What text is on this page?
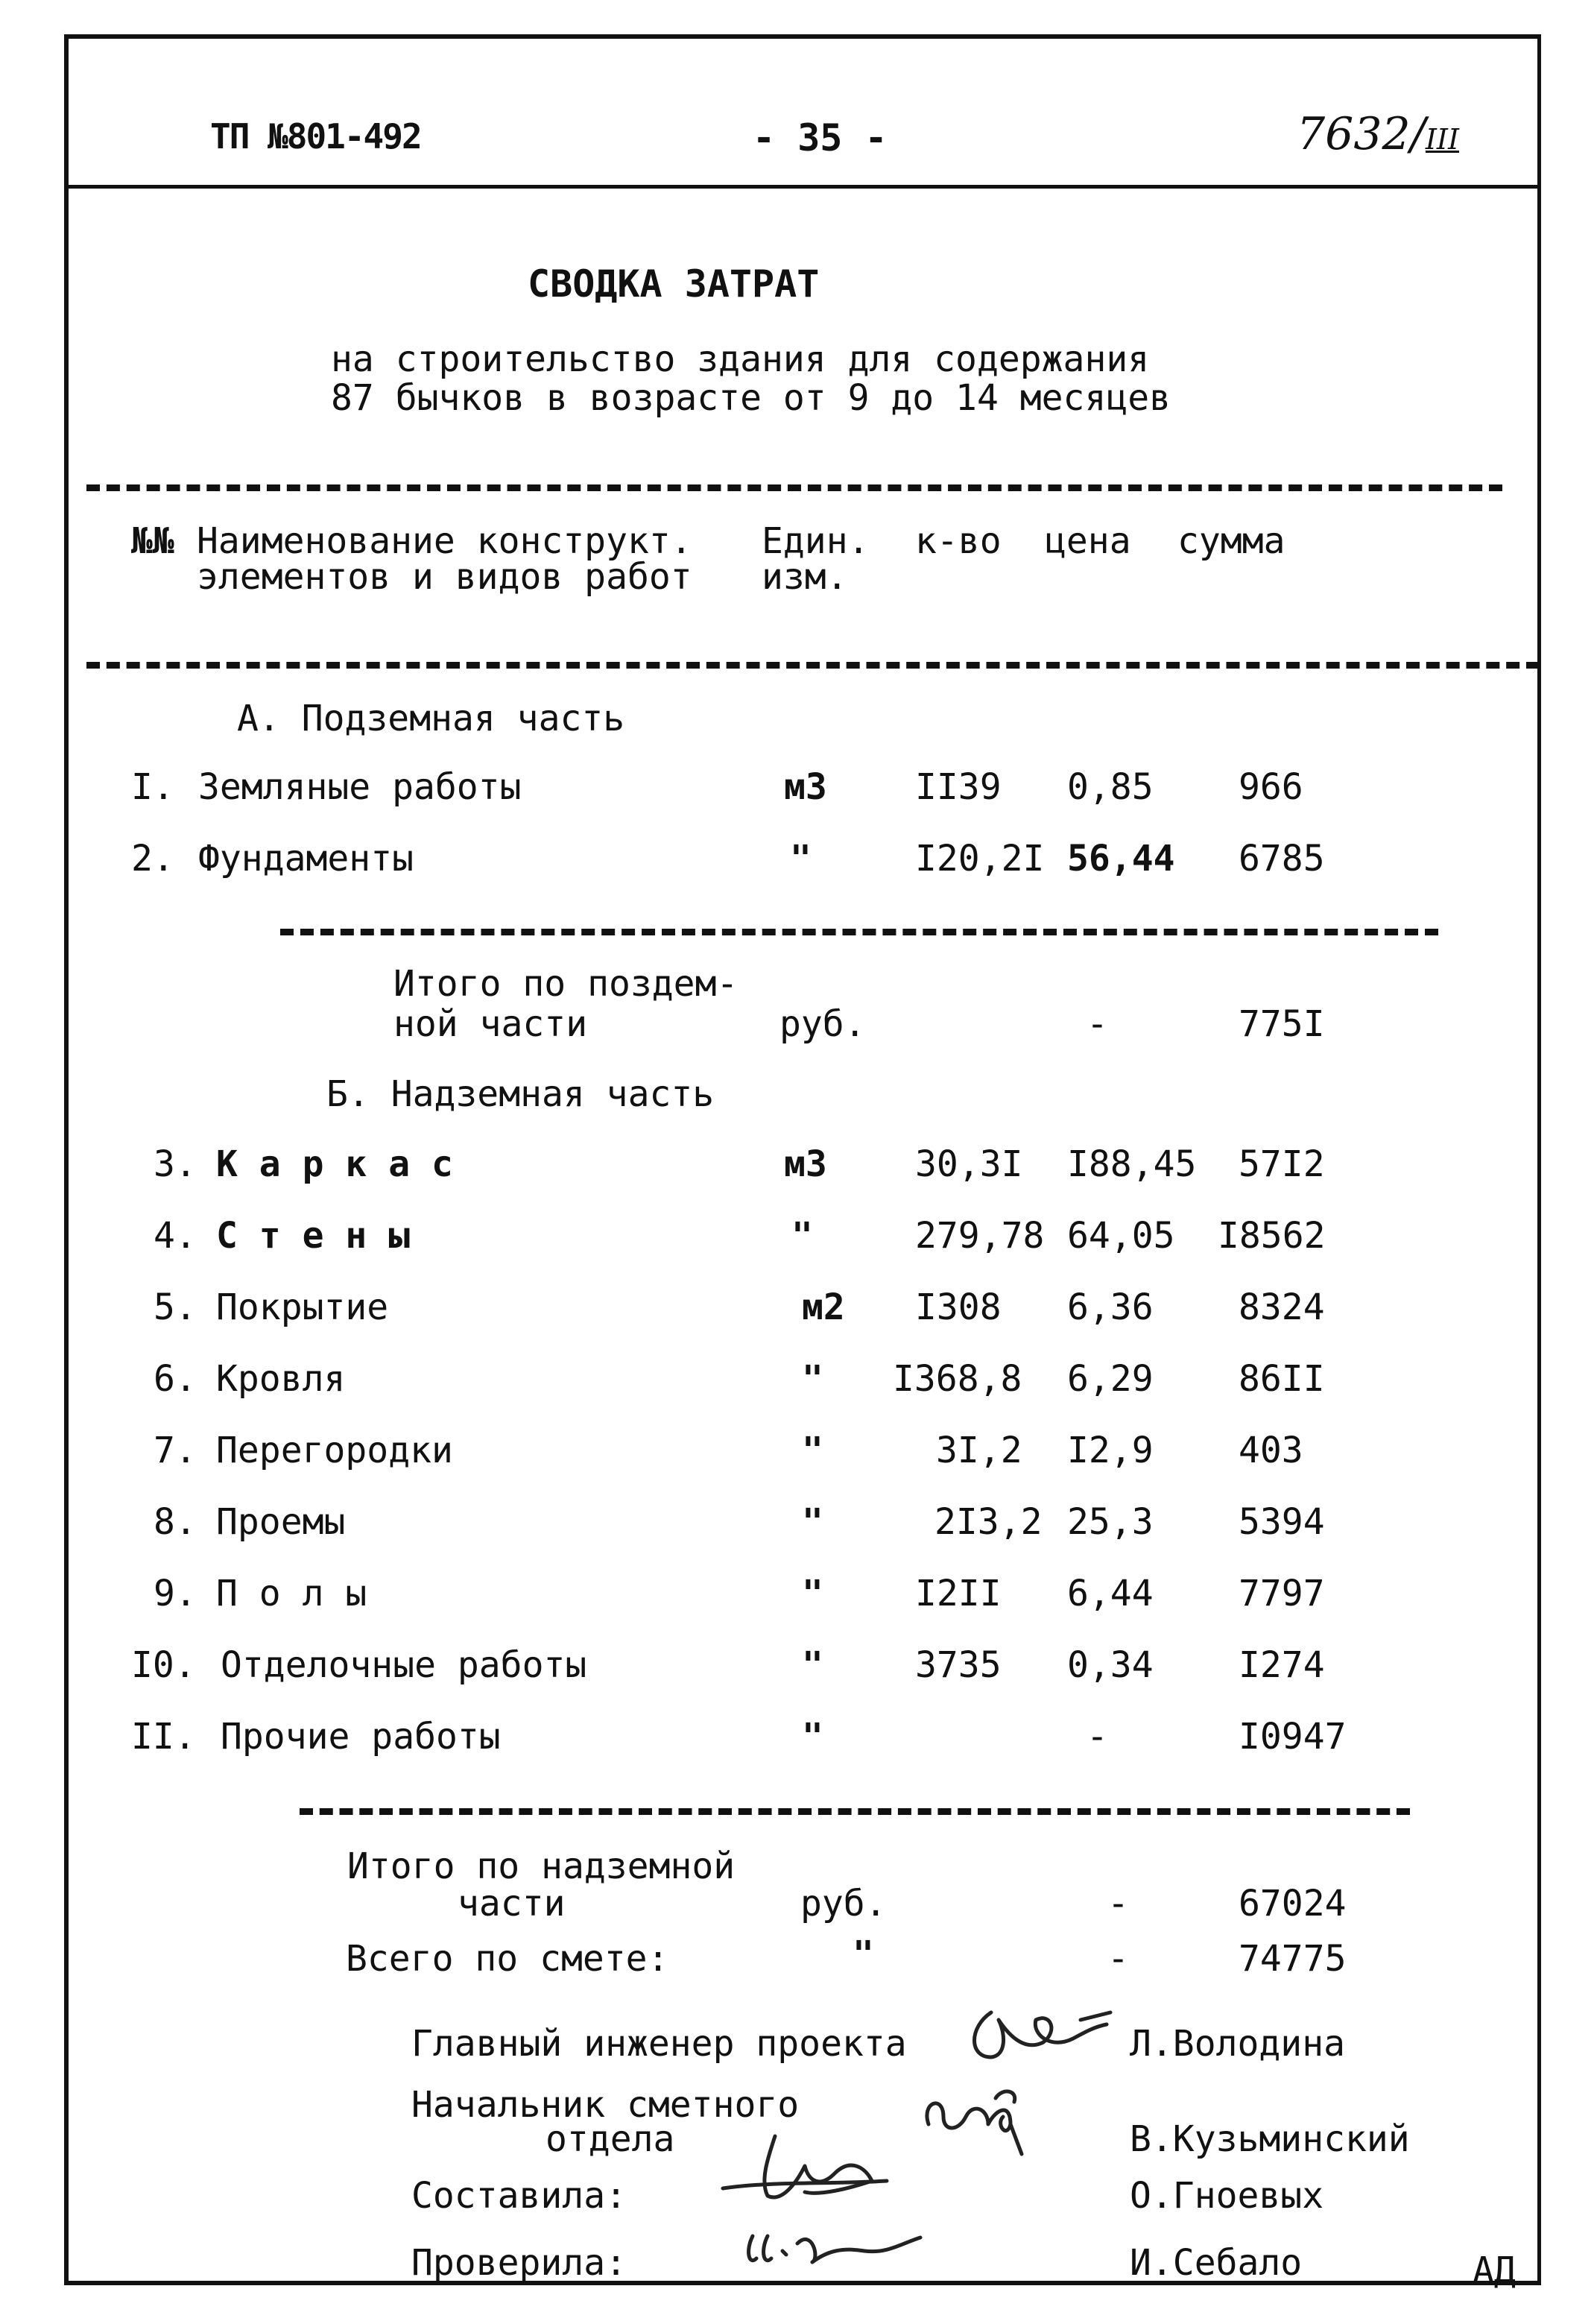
ТП №801-492	- 35 -	7632/III
СВОДКА ЗАТРАТ
на строительство здания для содержания
87 бычков в возрасте от 9 до 14 месяцев
№№ Наименование конструкт.
элементов и видов работ
Един.
изм.
к-во цена сумма
А. Подземная часть
I. Земляные работы	м3 II39 0,85 966
2. Фундаменты	"	I20,2I 56,44 6785
Итого по поздем-
ной части	руб.	-	775I
Б. Надземная часть
3. К а р к а с	м3 30,3I I88,45 57I2
4. С т е н ы	"	279,78 64,05 I8562
5. Покрытие	м2 I308 6,36 8324
6. Кровля	" I368,8 6,29 86II
7. Перегородки	"	3I,2 I2,9 403
8. Проемы	"	2I3,2 25,3 5394
9. П о л ы	"	I2II 6,44 7797
I0. Отделочные работы	"	3735 0,34 I274
II. Прочие работы	"	-	I0947
Итого по надземной
части	руб.	-	67024
Всего по смете:	"	-	74775
Главный инженер проекта	Л.Володина
Начальник сметного
отдела	В.Кузьминский
Составила:	О.Гноевых
Проверила:	И.Себало	АД
